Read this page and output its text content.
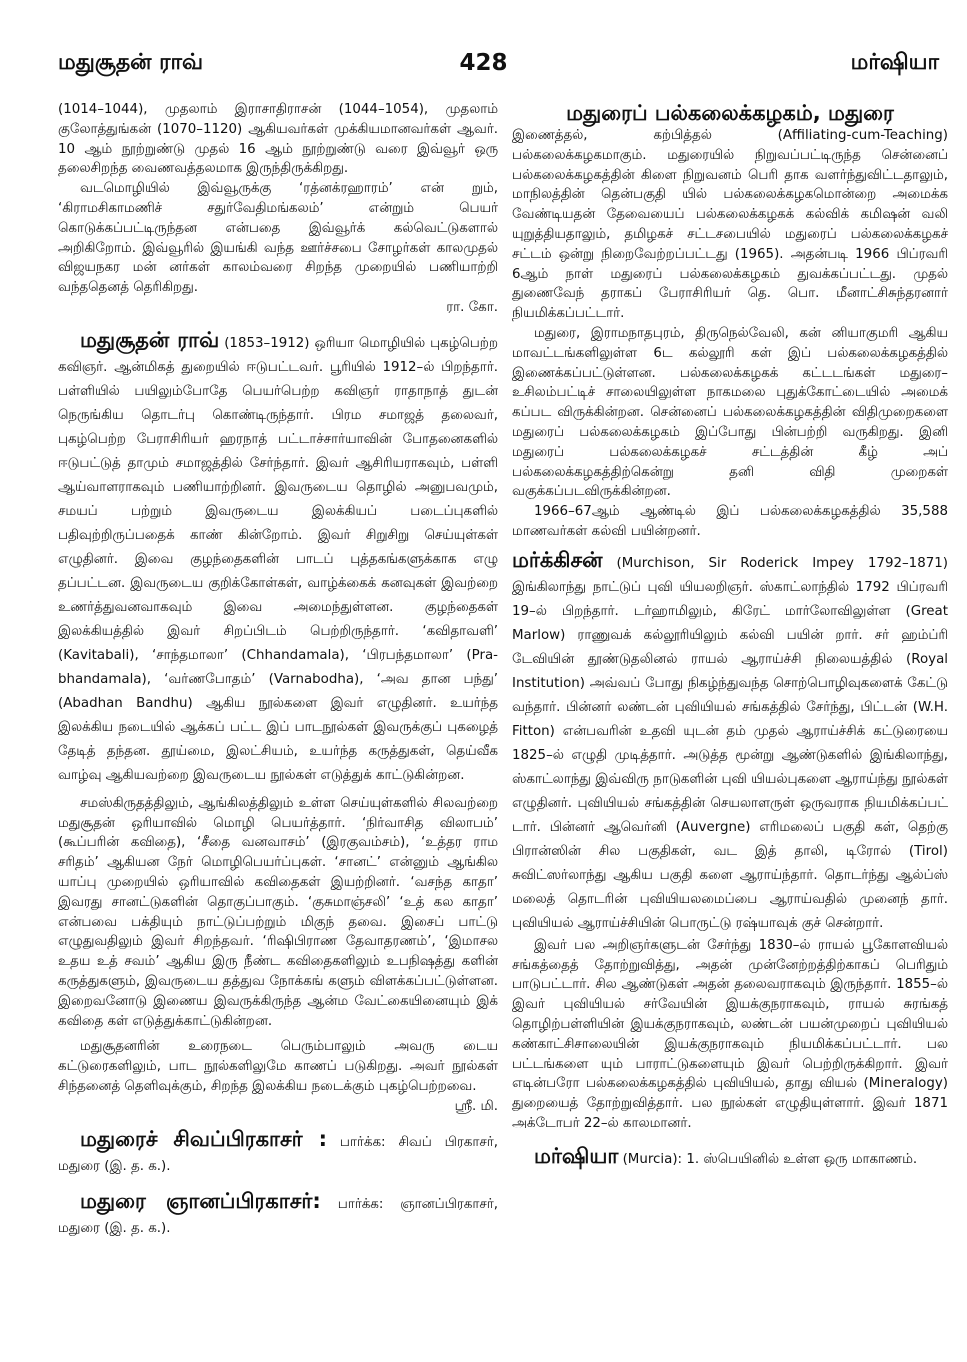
மதுசூதன் ராவ்	428	மர்ஷியா

(1014–1044), முதலாம் இராசாதிராசன் (1044–1054), முதலாம் குலோத்துங்கன் (1070–1120) ஆகியவர்கள் முக்கியமானவர்கள் ஆவர். 10 ஆம் நூற்றுண்டு முதல் 16 ஆம் நூற்றுண்டு வரை இவ்வூர் ஒரு தலைசிறந்த வைணவத்தலமாக இருந்திருக்கிறது.

வடமொழியில் இவ்வூருக்கு ‘ரத்னக்ரஹாரம்’ என் றும், ‘கிராமசிகாமணிச் சதுர்வேதிமங்கலம்’ என்றும் பெயர் கொடுக்கப்பட்டிருந்தன என்பதை இவ்வூர்க் கல்வெட்டுகளால் அறிகிறோம். இவ்வூரில் இயங்கி வந்த ஊர்ச்சபை சோழர்கள் காலமுதல் விஜயநகர மன் னர்கள் காலம்வரை சிறந்த முறையில் பணியாற்றி வந்ததெனத் தெரிகிறது.

ரா. கோ.

மதுசூதன் ராவ் (1853–1912) ஒரியா மொழியில் புகழ்பெற்ற கவிஞர். ஆன்மிகத் துறையில் ஈடுபட்டவர். பூரியில் 1912–ல் பிறந்தார். பள்ளியில் பயிலும்போதே பெயர்பெற்ற கவிஞர் ராதாநாத் துடன் நெருங்கிய தொடர்பு கொண்டிருந்தார். பிரம சமாஜத் தலைவர், புகழ்பெற்ற பேராசிரியர் ஹரநாத் பட்டாச்சார்யாவின் போதனைகளில் ஈடுபட்டுத் தாமும் சமாஜத்தில் சேர்ந்தார். இவர் ஆசிரியராகவும், பள்ளி ஆய்வாளராகவும் பணியாற்றினர். இவருடைய தொழில் அனுபவமும், சமயப் பற்றும் இவருடைய இலக்கியப் படைப்புகளில் பதிவுற்றிருப்பதைக் காண் கின்றோம். இவர் சிறுசிறு செய்யுள்கள் எழுதினர். இவை குழந்தைகளின் பாடப் புத்தகங்களுக்காக எழு தப்பட்டன. இவருடைய குறிக்கோள்கள், வாழ்க்கைக் கனவுகள் இவற்றை உணர்த்துவனவாகவும் இவை அமைந்துள்ளன. குழந்தைகள் இலக்கியத்தில் இவர் சிறப்பிடம் பெற்றிருந்தார். ‘கவிதாவளி’ (Kavitabali), ‘சாந்தமாலா’ (Chhandamala), ‘பிரபந்தமாலா’ (Pra-bhandamala), ‘வர்ணபோதம்’ (Varnabodha), ‘அவ தான பந்து’ (Abadhan Bandhu) ஆகிய நூல்களை இவர் எழுதினர். உயர்ந்த இலக்கிய நடையில் ஆக்கப் பட்ட இப் பாடநூல்கள் இவருக்குப் புகழைத் தேடித் தந்தன. தூய்மை, இலட்சியம், உயர்ந்த கருத்துகள், தெய்வீக வாழ்வு ஆகியவற்றை இவருடைய நூல்கள் எடுத்துக் காட்டுகின்றன.

சமஸ்கிருதத்திலும், ஆங்கிலத்திலும் உள்ள செய்யுள்களில் சிலவற்றை மதுசூதன் ஒரியாவில் மொழி பெயர்த்தார். ‘நிர்வாசித விலாபம்’ (கூப்பரின் கவிதை), ‘சீதை வனவாசம்’ (இரகுவம்சம்), ‘உத்தர ராம சரிதம்’ ஆகியன நேர் மொழிபெயர்ப்புகள். ‘சானட்’ என்னும் ஆங்கில யாப்பு முறையில் ஒரியாவில் கவிதைகள் இயற்றினர். ‘வசந்த காதா’ இவரது சானட்டுகளின் தொகுப்பாகும். ‘குசுமாஞ்சலி’ ‘உத் கல காதா’ என்பவை பக்தியும் நாட்டுப்பற்றும் மிகுந் தவை. இசைப் பாட்டு எழுதுவதிலும் இவர் சிறந்தவர். ‘ரிஷிபிராண தேவாதரணம்’, ‘இமாசல உதய உத் சவம்’ ஆகிய இரு நீண்ட கவிதைகளிலும் உபநிஷத்து களின் கருத்துகளும், இவருடைய தத்துவ நோக்கங் களும் விளக்கப்பட்டுள்ளன. இறைவனோடு இணைய இவருக்கிருந்த ஆன்ம வேட்கையினையும் இக் கவிதை கள் எடுத்துக்காட்டுகின்றன.

மதுசூதனரின் உரைநடை பெரும்பாலும் அவரு டைய கட்டுரைகளிலும், பாட நூல்களிலுமே காணப் படுகிறது. அவர் நூல்கள் சிந்தனைத் தெளிவுக்கும், சிறந்த இலக்கிய நடைக்கும் புகழ்பெற்றவை.

ஸ்ரீ. மி.

மதுரைச் சிவப்பிரகாசர் : பார்க்க: சிவப் பிரகாசர், மதுரை (இ. த. க.).

மதுரை ஞானப்பிரகாசர்: பார்க்க: ஞானப்பிரகாசர், மதுரை (இ. த. க.).

மதுரைப் பல்கலைக்கழகம், மதுரை

இணைத்தல், கற்பித்தல் (Affiliating-cum-Teaching) பல்கலைக்கழகமாகும். மதுரையில் நிறுவப்பட்டிருந்த சென்னைப் பல்கலைக்கழகத்தின் கிளை நிறுவனம் பெரி தாக வளர்ந்துவிட்டதாலும், மாநிலத்தின் தென்பகுதி யில் பல்கலைக்கழகமொன்றை அமைக்க வேண்டியதன் தேவையைப் பல்கலைக்கழகக் கல்விக் கமிஷன் வலி யுறுத்தியதாலும், தமிழகச் சட்டசபையில் மதுரைப் பல்கலைக்கழகச் சட்டம் ஒன்று நிறைவேற்றப்பட்டது (1965). அதன்படி 1966 பிப்ரவரி 6ஆம் நாள் மதுரைப் பல்கலைக்கழகம் துவக்கப்பட்டது. முதல் துணைவேந் தராகப் பேராசிரியர் தெ. பொ. மீனாட்சிசுந்தரனார் நியமிக்கப்பட்டார்.

மதுரை, இராமநாதபுரம், திருநெல்வேலி, கன் னியாகுமரி ஆகிய மாவட்டங்களிலுள்ள 6ட கல்லூரி கள் இப் பல்கலைக்கழகத்தில் இணைக்கப்பட்டுள்ளன. பல்கலைக்கழகக் கட்டடங்கள் மதுரை–உசிலம்பட்டிச் சாலையிலுள்ள நாகமலை புதுக்கோட்டையில் அமைக் கப்பட விருக்கின்றன. சென்னைப் பல்கலைக்கழகத்தின் விதிமுறைகளை மதுரைப் பல்கலைக்கழகம் இப்போது பின்பற்றி வருகிறது. இனி மதுரைப் பல்கலைக்கழகச் சட்டத்தின் கீழ் அப் பல்கலைக்கழகத்திற்கென்று தனி விதி முறைகள் வகுக்கப்படவிருக்கின்றன.

1966–67ஆம் ஆண்டில் இப் பல்கலைக்கழகத்தில் 35,588 மாணவர்கள் கல்வி பயின்றனர்.

மர்க்கிசன் (Murchison, Sir Roderick Impey 1792–1871) இங்கிலாந்து நாட்டுப் புவி யியலறிஞர். ஸ்காட்லாந்தில் 1792 பிப்ரவரி 19–ல் பிறந்தார். டர்ஹாமிலும், கிரேட் மார்லோவிலுள்ள (Great Marlow) ராணுவக் கல்லூரியிலும் கல்வி பயின் றார். சர் ஹம்ப்ரி டேவியின் தூண்டுதலினல் ராயல் ஆராய்ச்சி நிலையத்தில் (Royal Institution) அவ்வப் போது நிகழ்ந்துவந்த சொற்பொழிவுகளைக் கேட்டு வந்தார். பின்னர் லண்டன் புவியியல் சங்கத்தில் சேர்ந்து, பிட்டன் (W.H. Fitton) என்பவரின் உதவி யுடன் தம் முதல் ஆராய்ச்சிக் கட்டுரையை 1825–ல் எழுதி முடித்தார். அடுத்த மூன்று ஆண்டுகளில் இங்கிலாந்து, ஸ்காட்லாந்து இவ்விரு நாடுகளின் புவி யியல்புகளை ஆராய்ந்து நூல்கள் எழுதினர். புவியியல் சங்கத்தின் செயலாளருள் ஒருவராக நியமிக்கப்பட் டார். பின்னர் ஆவெர்னி (Auvergne) எரிமலைப் பகுதி கள், தெற்கு பிரான்ஸின் சில பகுதிகள், வட இத் தாலி, டிரோல் (Tirol) சுவிட்ஸர்லாந்து ஆகிய பகுதி களை ஆராய்ந்தார். தொடர்ந்து ஆல்ப்ஸ் மலைத் தொடரின் புவியியலமைப்பை ஆராய்வதில் முனைந் தார். புவியியல் ஆராய்ச்சியின் பொருட்டு ரஷ்யாவுக் குச் சென்றார்.

இவர் பல அறிஞர்களுடன் சேர்ந்து 1830–ல் ராயல் பூகோளவியல் சங்கத்தைத் தோற்றுவித்து, அதன் முன்னேற்றத்திற்காகப் பெரிதும் பாடுபட்டார். சில ஆண்டுகள் அதன் தலைவராகவும் இருந்தார். 1855–ல் இவர் புவியியல் சர்வேயின் இயக்குநராகவும், ராயல் சுரங்கத் தொழிற்பள்ளியின் இயக்குநராகவும், லண்டன் பயன்முறைப் புவியியல் கண்காட்சிசாலையின் இயக்குநராகவும் நியமிக்கப்பட்டார். பல பட்டங்களை யும் பாராட்டுகளையும் இவர் பெற்றிருக்கிறார். இவர் எடின்பரோ பல்கலைக்கழகத்தில் புவியியல், தாது வியல் (Mineralogy) துறையைத் தோற்றுவித்தார். பல நூல்கள் எழுதியுள்ளார். இவர் 1871 அக்டோபர் 22–ல் காலமானர்.

மர்ஷியா (Murcia): 1. ஸ்பெயினில் உள்ள ஒரு மாகாணம்.
